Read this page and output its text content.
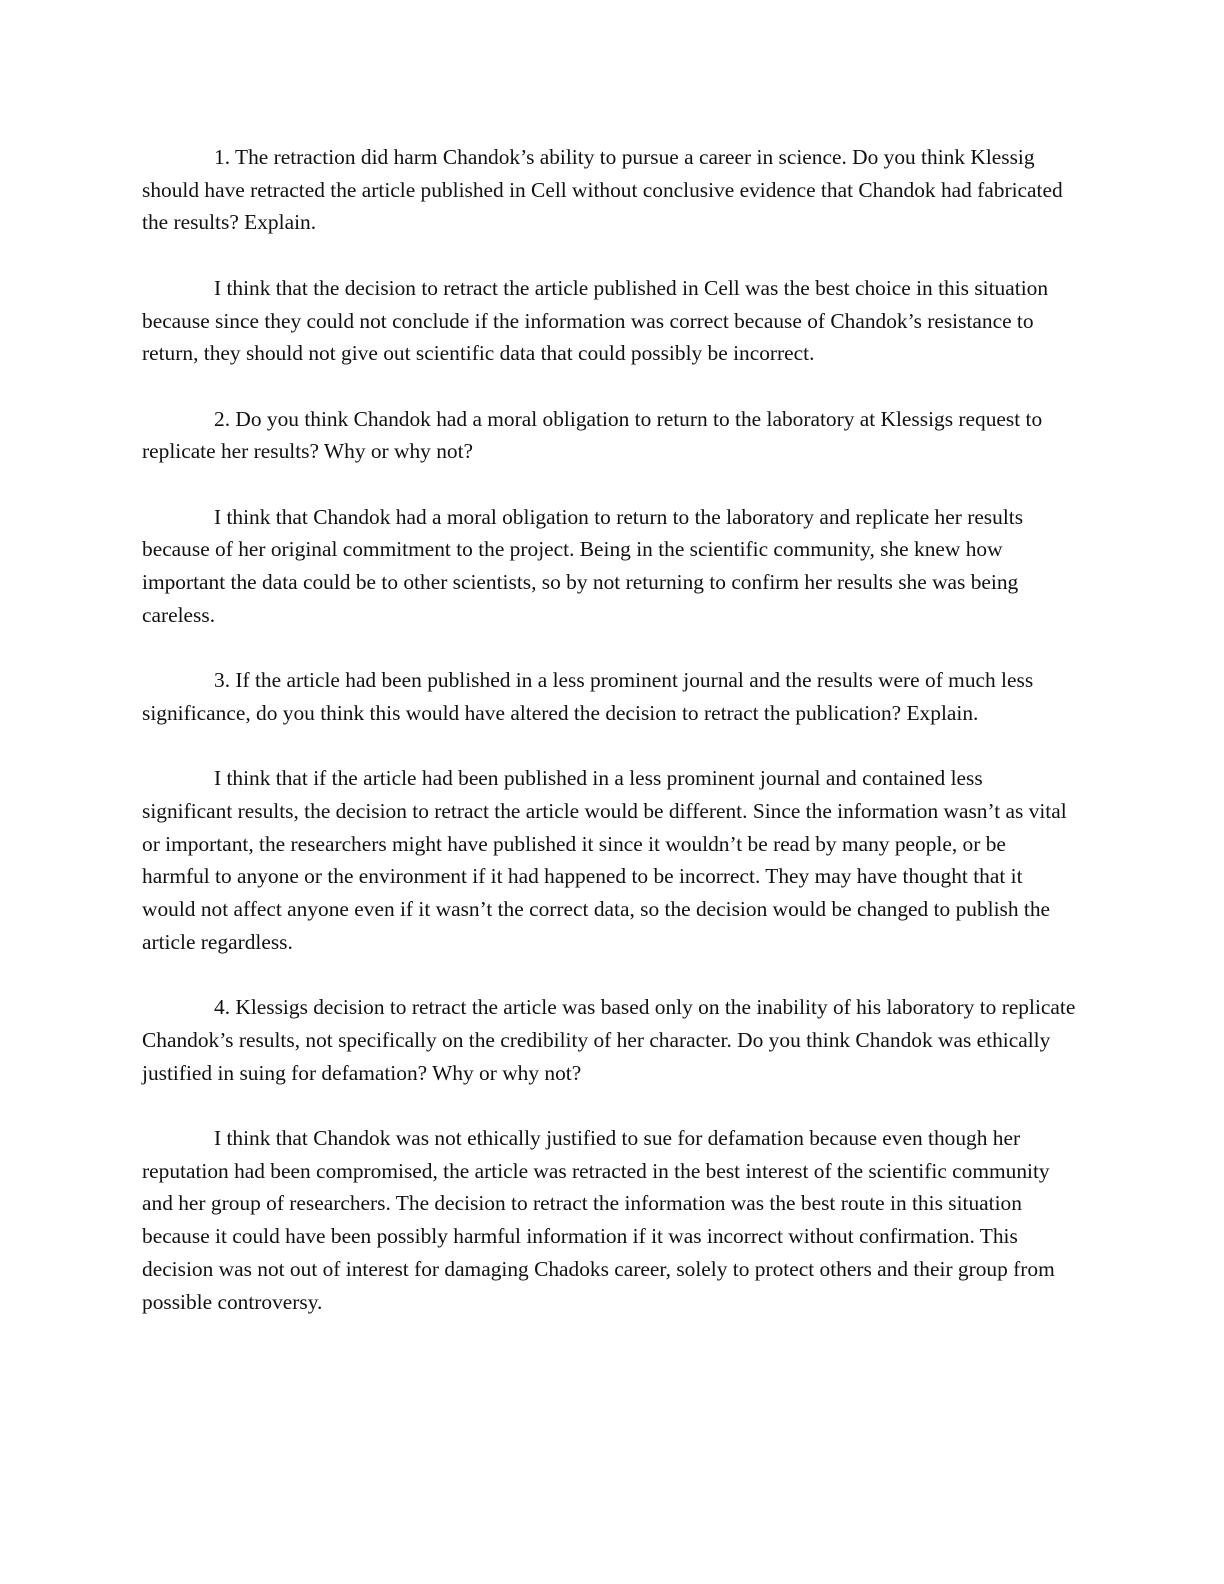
1. The retraction did harm Chandok’s ability to pursue a career in science. Do you think Klessig should have retracted the article published in Cell without conclusive evidence that Chandok had fabricated the results? Explain.

I think that the decision to retract the article published in Cell was the best choice in this situation because since they could not conclude if the information was correct because of Chandok’s resistance to return, they should not give out scientific data that could possibly be incorrect.

2. Do you think Chandok had a moral obligation to return to the laboratory at Klessigs request to replicate her results? Why or why not?

I think that Chandok had a moral obligation to return to the laboratory and replicate her results because of her original commitment to the project. Being in the scientific community, she knew how important the data could be to other scientists, so by not returning to confirm her results she was being careless.

3. If the article had been published in a less prominent journal and the results were of much less significance, do you think this would have altered the decision to retract the publication? Explain.

I think that if the article had been published in a less prominent journal and contained less significant results, the decision to retract the article would be different. Since the information wasn’t as vital or important, the researchers might have published it since it wouldn’t be read by many people, or be harmful to anyone or the environment if it had happened to be incorrect. They may have thought that it would not affect anyone even if it wasn’t the correct data, so the decision would be changed to publish the article regardless.

4. Klessigs decision to retract the article was based only on the inability of his laboratory to replicate Chandok’s results, not specifically on the credibility of her character. Do you think Chandok was ethically justified in suing for defamation? Why or why not?

I think that Chandok was not ethically justified to sue for defamation because even though her reputation had been compromised, the article was retracted in the best interest of the scientific community and her group of researchers. The decision to retract the information was the best route in this situation because it could have been possibly harmful information if it was incorrect without confirmation. This decision was not out of interest for damaging Chadoks career, solely to protect others and their group from possible controversy.
